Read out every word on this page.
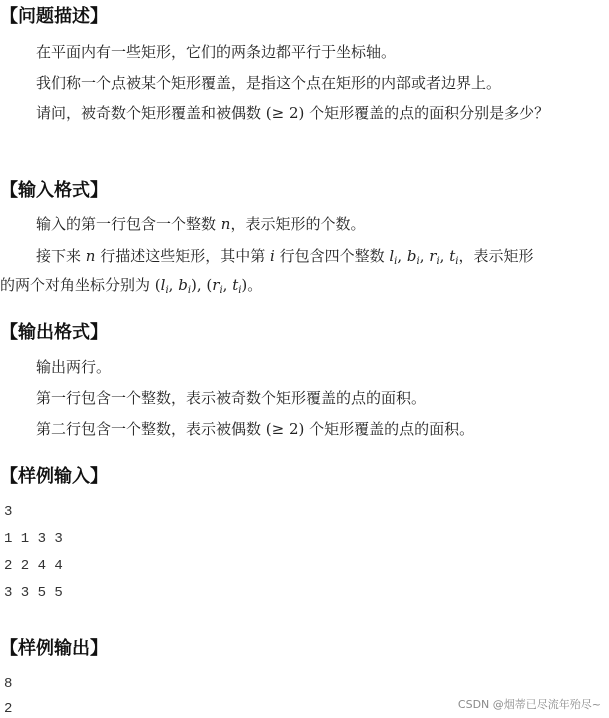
【问题描述】
在平面内有一些矩形，它们的两条边都平行于坐标轴。
我们称一个点被某个矩形覆盖，是指这个点在矩形的内部或者边界上。
请问，被奇数个矩形覆盖和被偶数 (≥ 2) 个矩形覆盖的点的面积分别是多少？
【输入格式】
输入的第一行包含一个整数 n，表示矩形的个数。
接下来 n 行描述这些矩形，其中第 i 行包含四个整数 $l_i$, $b_i$, $r_i$, $t_i$，表示矩形
的两个对角坐标分别为 ($l_i$, $b_i$), ($r_i$, $t_i$)。
【输出格式】
输出两行。
第一行包含一个整数，表示被奇数个矩形覆盖的点的面积。
第二行包含一个整数，表示被偶数 (≥ 2) 个矩形覆盖的点的面积。
【样例输入】
3
1 1 3 3
2 2 4 4
3 3 5 5
【样例输出】
8
2	CSDN @烟蒂已尽流年殆尽~
